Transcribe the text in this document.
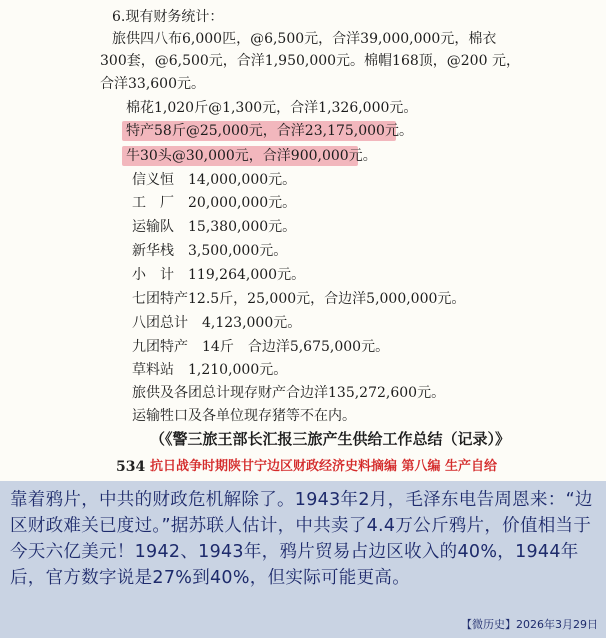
6.现有财务统计：
旅供四八布6,000匹，@6,500元，合洋39,000,000元，棉衣
300套，@6,500元，合洋1,950,000元。棉帽168顶，@200 元，
合洋33,600元。
棉花1,020斤@1,300元，合洋1,326,000元。
特产58斤@25,000元，合洋23,175,000元。
牛30头@30,000元，合洋900,000元。
信义恒　14,000,000元。
工　厂　20,000,000元。
运输队　15,380,000元。
新华栈　3,500,000元。
小　计　119,264,000元。
七团特产12.5斤，25,000元，合边洋5,000,000元。
八团总计　4,123,000元。
九团特产　14斤　合边洋5,675,000元。
草料站　1,210,000元。
旅供及各团总计现存财产合边洋135,272,600元。
运输牲口及各单位现存猪等不在内。
（《警三旅王部长汇报三旅产生供给工作总结（记录）》
534 抗日战争时期陕甘宁边区财政经济史料摘编 第八编 生产自给
靠着鸦片，中共的财政危机解除了。1943年2月，毛泽东电告周恩来：“边区财政难关已度过。”据苏联人估计，中共卖了4.4万公斤鸦片，价值相当于今天六亿美元！1942、1943年，鸦片贸易占边区收入的40%，1944年后，官方数字说是27%到40%，但实际可能更高。
【微历史】2026年3月29日
